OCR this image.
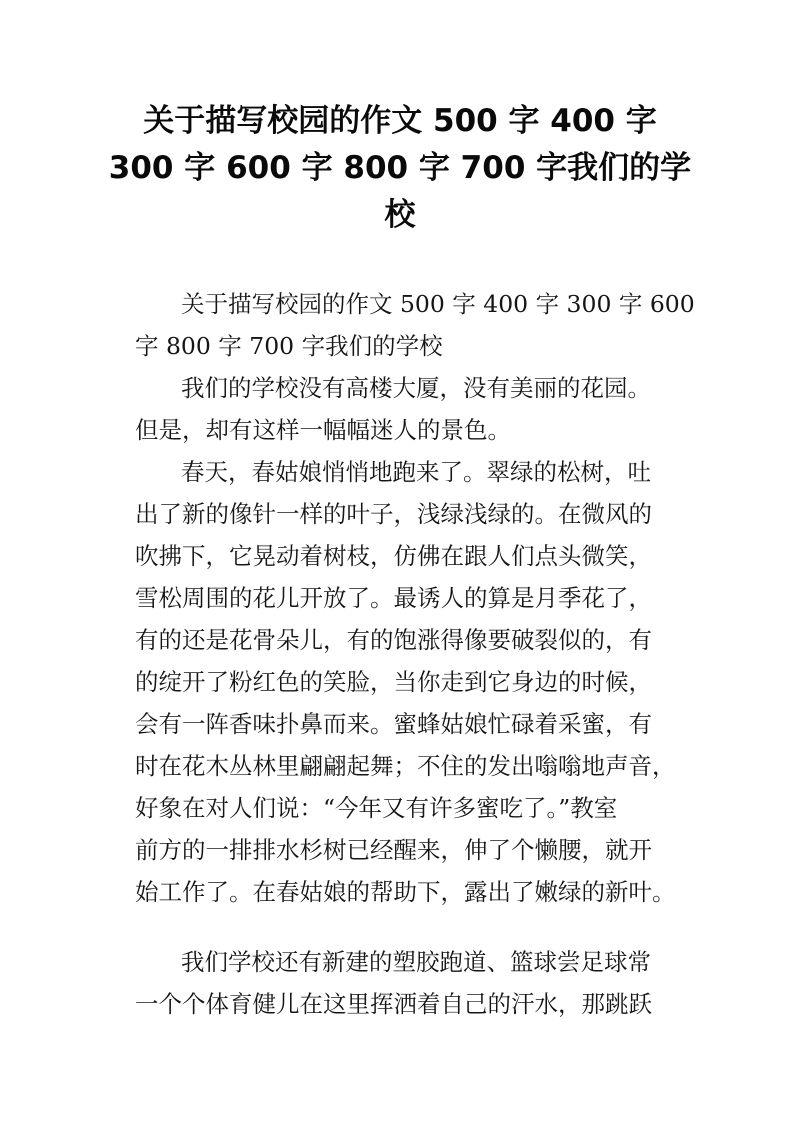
关于描写校园的作文 500 字 400 字
300 字 600 字 800 字 700 字我们的学
校
关于描写校园的作文 500 字 400 字 300 字 600
字 800 字 700 字我们的学校
我们的学校没有高楼大厦，没有美丽的花园。
但是，却有这样一幅幅迷人的景色。
春天，春姑娘悄悄地跑来了。翠绿的松树，吐
出了新的像针一样的叶子，浅绿浅绿的。在微风的
吹拂下，它晃动着树枝，仿佛在跟人们点头微笑，
雪松周围的花儿开放了。最诱人的算是月季花了，
有的还是花骨朵儿，有的饱涨得像要破裂似的，有
的绽开了粉红色的笑脸，当你走到它身边的时候，
会有一阵香味扑鼻而来。蜜蜂姑娘忙碌着采蜜，有
时在花木丛林里翩翩起舞；不住的发出嗡嗡地声音，
好象在对人们说：“今年又有许多蜜吃了。”教室
前方的一排排水杉树已经醒来，伸了个懒腰，就开
始工作了。在春姑娘的帮助下，露出了嫩绿的新叶。
我们学校还有新建的塑胶跑道、篮球尝足球常
一个个体育健儿在这里挥洒着自己的汗水，那跳跃
